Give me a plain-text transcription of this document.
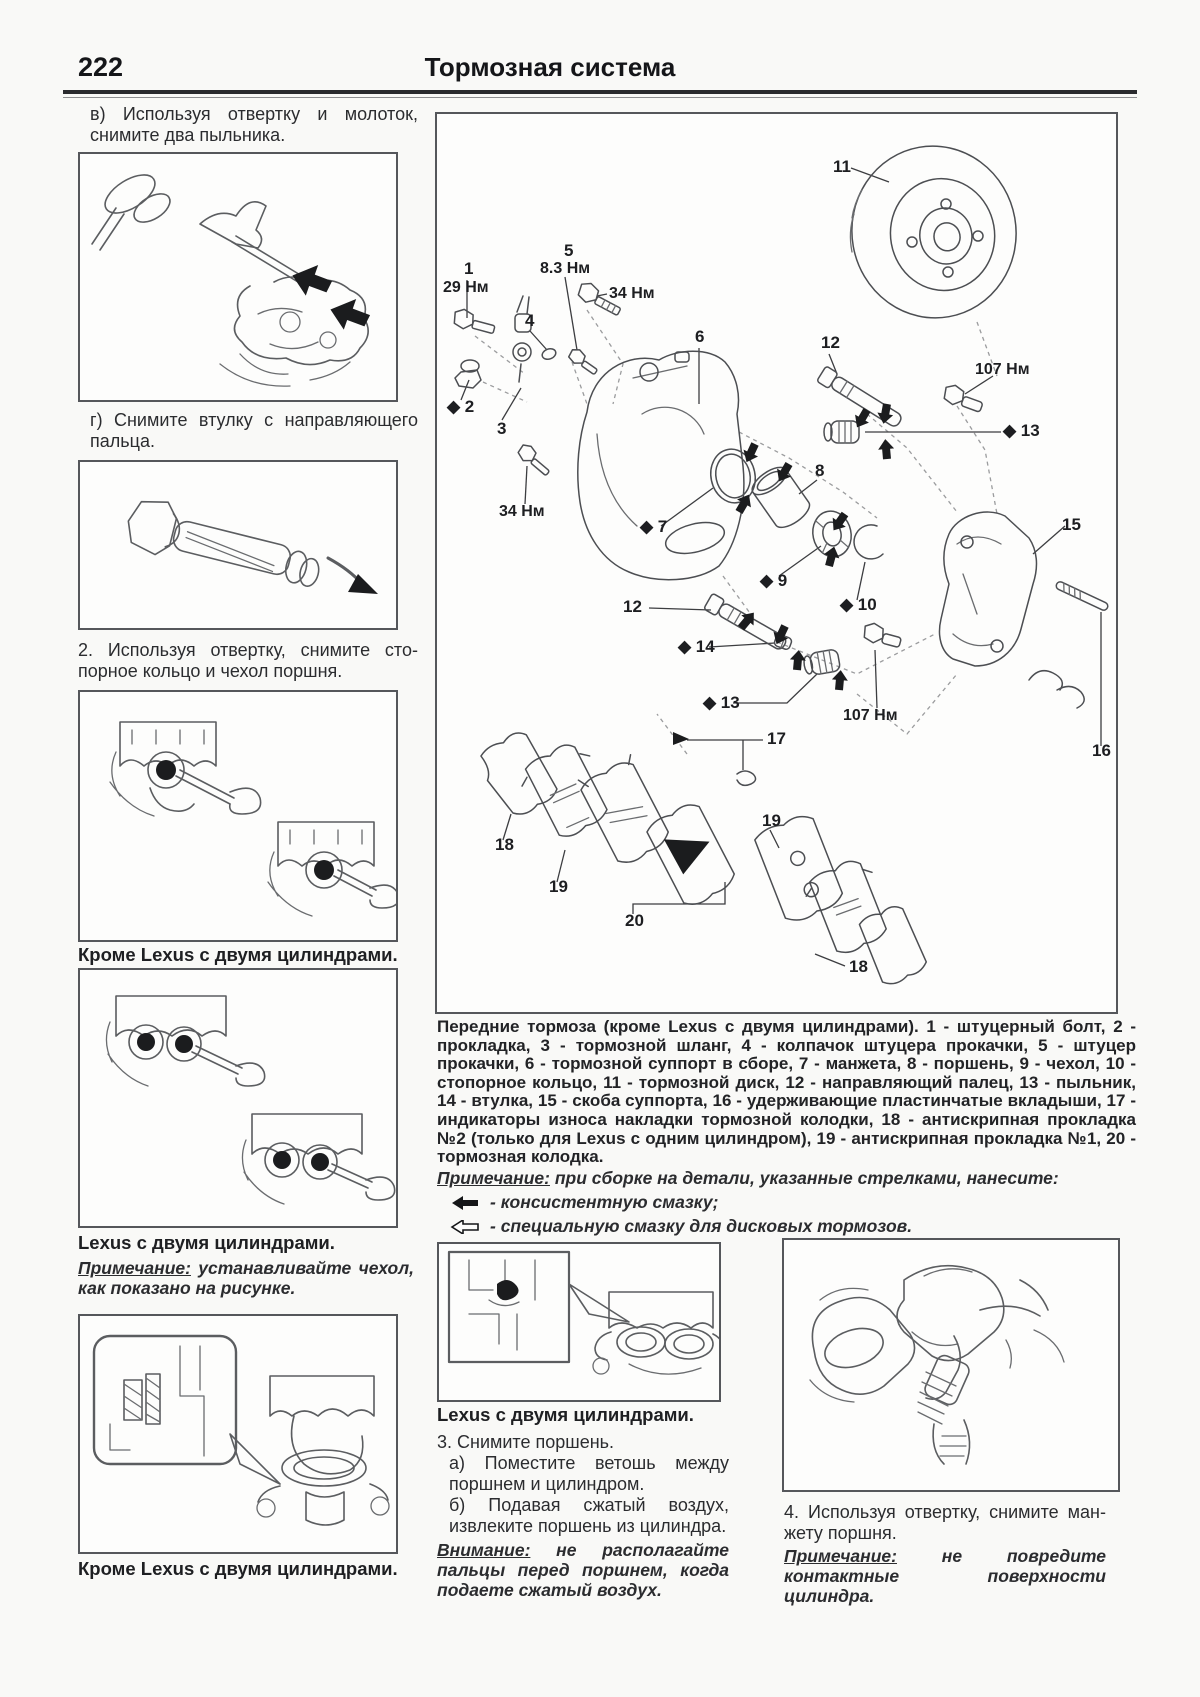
222	Тормозная система
в) Используя отвертку и молоток, снимите два пыльника.
г) Снимите втулку с направляющего пальца.
2. Используя отвертку, снимите стопорное кольцо и чехол поршня.
Кроме Lexus с двумя цилиндрами.
Lexus с двумя цилиндрами.
Примечание: устанавливайте чехол, как показано на рисунке.
Кроме Lexus с двумя цилиндрами.
1
29 Нм
5
8.3 Нм
34 Нм
4
◆ 2
3
34 Нм
6
11
12
107 Нм
◆ 13
◆ 7
8
◆ 9
◆ 10
12
◆ 14
◆ 13
107 Нм
15
16
17
18
19
20
19
18
Передние тормоза (кроме Lexus с двумя цилиндрами). 1 - штуцерный болт, 2 - прокладка, 3 - тормозной шланг, 4 - колпачок штуцера прокачки, 5 - штуцер прокачки, 6 - тормозной суппорт в сборе, 7 - манжета, 8 - поршень, 9 - чехол, 10 - стопорное кольцо, 11 - тормозной диск, 12 - направляющий палец, 13 - пыльник, 14 - втулка, 15 - скоба суппорта, 16 - удерживающие пластинчатые вкладыши, 17 - индикаторы износа накладки тормозной колодки, 18 - антискрипная прокладка №2 (только для Lexus с одним цилиндром), 19 - антискрипная прокладка №1, 20 - тормозная колодка.
Примечание: при сборке на детали, указанные стрелками, нанесите:
- консистентную смазку;
- специальную смазку для дисковых тормозов.
Lexus с двумя цилиндрами.
3. Снимите поршень.
а) Поместите ветошь между поршнем и цилиндром.
б) Подавая сжатый воздух, извлеките поршень из цилиндра.
Внимание: не располагайте пальцы перед поршнем, когда подаете сжатый воздух.
4. Используя отвертку, снимите манжету поршня.
Примечание:	не повредите контактные поверхности цилиндра.
